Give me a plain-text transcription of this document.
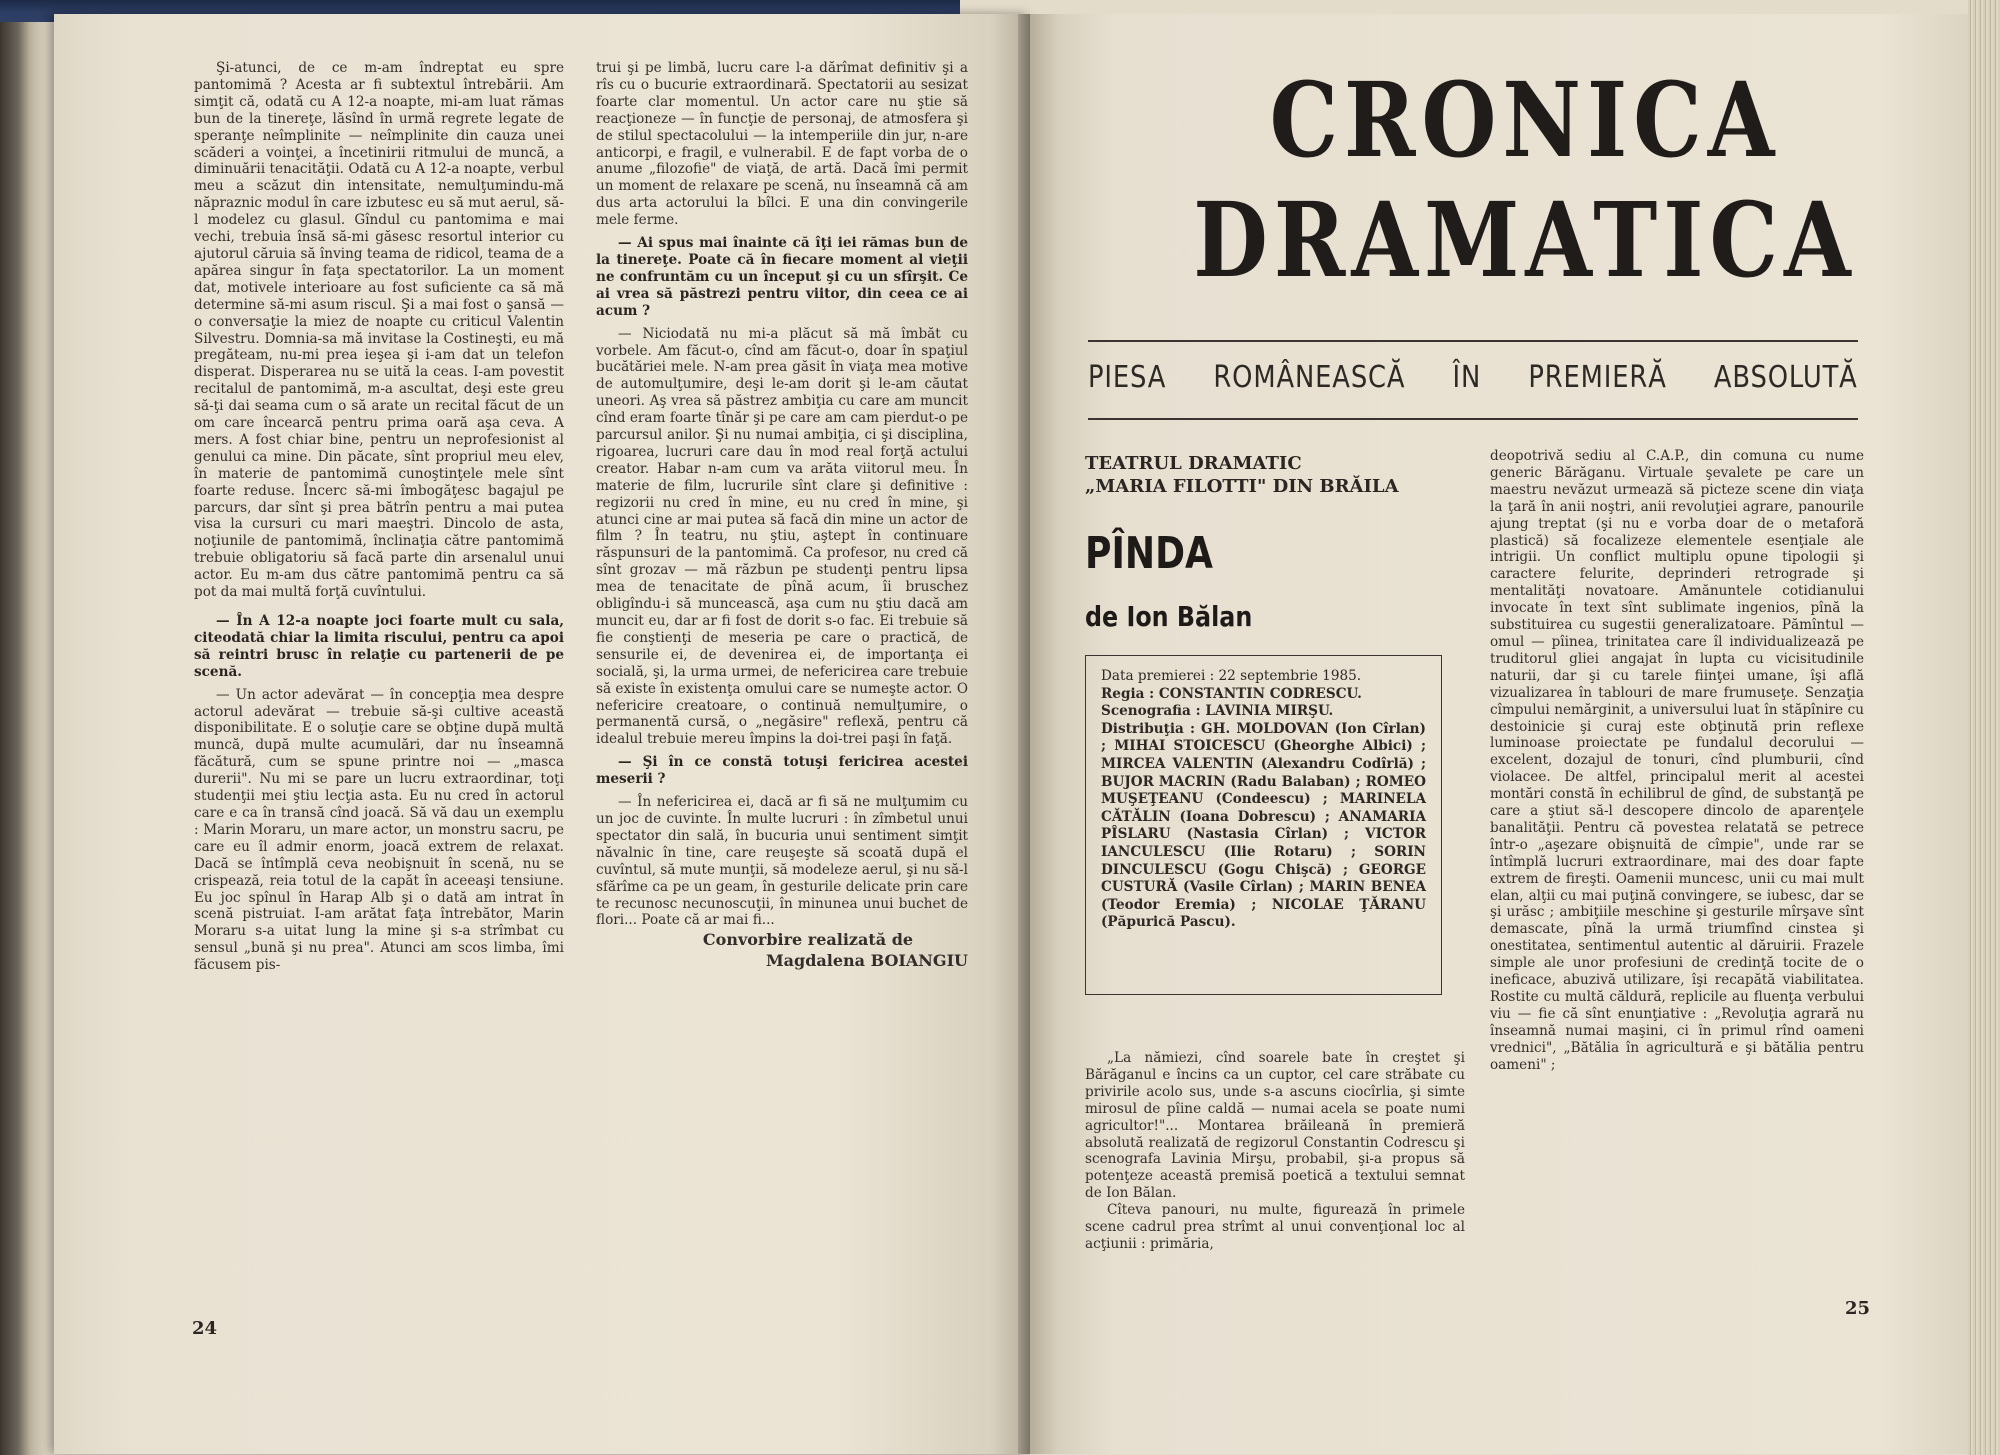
Şi-atunci, de ce m-am îndreptat eu spre pantomimă ? Acesta ar fi subtextul întrebării. Am simţit că, odată cu A 12-a noapte, mi-am luat rămas bun de la tinereţe, lăsînd în urmă regrete legate de speranţe neîmplinite — neîmplinite din cauza unei scăderi a voinţei, a încetinirii ritmului de muncă, a diminuării tenacităţii. Odată cu A 12-a noapte, verbul meu a scăzut din intensitate, nemulţumindu-mă năpraznic modul în care izbutesc eu să mut aerul, să-l modelez cu glasul. Gîndul cu pantomima e mai vechi, trebuia însă să-mi găsesc resortul interior cu ajutorul căruia să înving teama de ridicol, teama de a apărea singur în faţa spectatorilor. La un moment dat, motivele interioare au fost suficiente ca să mă determine să-mi asum riscul. Şi a mai fost o şansă — o conversaţie la miez de noapte cu criticul Valentin Silvestru. Domnia-sa mă invitase la Costineşti, eu mă pregăteam, nu-mi prea ieşea şi i-am dat un telefon disperat. Disperarea nu se uită la ceas. I-am povestit recitalul de pantomimă, m-a ascultat, deşi este greu să-ţi dai seama cum o să arate un recital făcut de un om care încearcă pentru prima oară aşa ceva. A mers. A fost chiar bine, pentru un neprofesionist al genului ca mine. Din păcate, sînt propriul meu elev, în materie de pantomimă cunoştinţele mele sînt foarte reduse. Încerc să-mi îmbogăţesc bagajul pe parcurs, dar sînt şi prea bătrîn pentru a mai putea visa la cursuri cu mari maeştri. Dincolo de asta, noţiunile de pantomimă, înclinaţia către pantomimă trebuie obligatoriu să facă parte din arsenalul unui actor. Eu m-am dus către pantomimă pentru ca să pot da mai multă forţă cuvîntului.

— În A 12-a noapte joci foarte mult cu sala, citeodată chiar la limita riscului, pentru ca apoi să reintri brusc în relaţie cu partenerii de pe scenă.

— Un actor adevărat — în concepţia mea despre actorul adevărat — trebuie să-şi cultive această disponibilitate. E o soluţie care se obţine după multă muncă, după multe acumulări, dar nu înseamnă făcătură, cum se spune printre noi — „masca durerii". Nu mi se pare un lucru extraordinar, toţi studenţii mei ştiu lecţia asta. Eu nu cred în actorul care e ca în transă cînd joacă. Să vă dau un exemplu : Marin Moraru, un mare actor, un monstru sacru, pe care eu îl admir enorm, joacă extrem de relaxat. Dacă se întîmplă ceva neobişnuit în scenă, nu se crispează, reia totul de la capăt în aceeaşi tensiune. Eu joc spînul în Harap Alb şi o dată am intrat în scenă pistruiat. I-am arătat faţa întrebător, Marin Moraru s-a uitat lung la mine şi s-a strîmbat cu sensul „bună şi nu prea". Atunci am scos limba, îmi făcusem pis-

trui şi pe limbă, lucru care l-a dărîmat definitiv şi a rîs cu o bucurie extraordinară. Spectatorii au sesizat foarte clar momentul. Un actor care nu ştie să reacţioneze — în funcţie de personaj, de atmosfera şi de stilul spectacolului — la intemperiile din jur, n-are anticorpi, e fragil, e vulnerabil. E de fapt vorba de o anume „filozofie" de viaţă, de artă. Dacă îmi permit un moment de relaxare pe scenă, nu înseamnă că am dus arta actorului la bîlci. E una din convingerile mele ferme.

— Ai spus mai înainte că îţi iei rămas bun de la tinereţe. Poate că în fiecare moment al vieţii ne confruntăm cu un început şi cu un sfîrşit. Ce ai vrea să păstrezi pentru viitor, din ceea ce ai acum ?

— Niciodată nu mi-a plăcut să mă îmbăt cu vorbele. Am făcut-o, cînd am făcut-o, doar în spaţiul bucătăriei mele. N-am prea găsit în viaţa mea motive de automulţumire, deşi le-am dorit şi le-am căutat uneori. Aş vrea să păstrez ambiţia cu care am muncit cînd eram foarte tînăr şi pe care am cam pierdut-o pe parcursul anilor. Şi nu numai ambiţia, ci şi disciplina, rigoarea, lucruri care dau în mod real forţă actului creator. Habar n-am cum va arăta viitorul meu. În materie de film, lucrurile sînt clare şi definitive : regizorii nu cred în mine, eu nu cred în mine, şi atunci cine ar mai putea să facă din mine un actor de film ? În teatru, nu ştiu, aştept în continuare răspunsuri de la pantomimă. Ca profesor, nu cred că sînt grozav — mă răzbun pe studenţi pentru lipsa mea de tenacitate de pînă acum, îi bruschez obligîndu-i să muncească, aşa cum nu ştiu dacă am muncit eu, dar ar fi fost de dorit s-o fac. Ei trebuie să fie conştienţi de meseria pe care o practică, de sensurile ei, de devenirea ei, de importanţa ei socială, şi, la urma urmei, de nefericirea care trebuie să existe în existenţa omului care se numeşte actor. O nefericire creatoare, o continuă nemulţumire, o permanentă cursă, o „negăsire" reflexă, pentru că idealul trebuie mereu împins la doi-trei paşi în faţă.

— Şi în ce constă totuşi fericirea acestei meserii ?

— În nefericirea ei, dacă ar fi să ne mulţumim cu un joc de cuvinte. În multe lucruri : în zîmbetul unui spectator din sală, în bucuria unui sentiment simţit năvalnic în tine, care reuşeşte să scoată după el cuvîntul, să mute munţii, să modeleze aerul, şi nu să-l sfărîme ca pe un geam, în gesturile delicate prin care te recunosc necunoscuţii, în minunea unui buchet de flori... Poate că ar mai fi...

Convorbire realizată de
Magdalena BOIANGIU

24
CRONICA
DRAMATICA
PIESA ROMÂNEASCĂ ÎN PREMIERĂ ABSOLUTĂ
TEATRUL DRAMATIC
„MARIA FILOTTI" DIN BRĂILA
PÎNDA
de Ion Bălan

Data premierei : 22 septembrie 1985.

Regia : CONSTANTIN CODRESCU.

Scenografia : LAVINIA MIRŞU.

Distribuţia : GH. MOLDOVAN (Ion Cîrlan) ; MIHAI STOICESCU (Gheorghe Albici) ; MIRCEA VALENTIN (Alexandru Codîrlă) ; BUJOR MACRIN (Radu Balaban) ; ROMEO MUŞEŢEANU (Condeescu) ; MARINELA CĂTĂLIN (Ioana Dobrescu) ; ANAMARIA PÎSLARU (Nastasia Cîrlan) ; VICTOR IANCULESCU (Ilie Rotaru) ; SORIN DINCULESCU (Gogu Chişcă) ; GEORGE CUSTURĂ (Vasile Cîrlan) ; MARIN BENEA (Teodor Eremia) ; NICOLAE ŢĂRANU (Păpurică Pascu).

„La nămiezi, cînd soarele bate în creştet şi Bărăganul e încins ca un cuptor, cel care străbate cu privirile acolo sus, unde s-a ascuns ciocîrlia, şi simte mirosul de pîine caldă — numai acela se poate numi agricultor!"... Montarea brăileană în premieră absolută realizată de regizorul Constantin Codrescu şi scenografa Lavinia Mirşu, probabil, şi-a propus să potenţeze această premisă poetică a textului semnat de Ion Bălan.

Cîteva panouri, nu multe, figurează în primele scene cadrul prea strîmt al unui convenţional loc al acţiunii : primăria,

deopotrivă sediu al C.A.P., din comuna cu nume generic Bărăganu. Virtuale şevalete pe care un maestru nevăzut urmează să picteze scene din viaţa la ţară în anii noştri, anii revoluţiei agrare, panourile ajung treptat (şi nu e vorba doar de o metaforă plastică) să focalizeze elementele esenţiale ale intrigii. Un conflict multiplu opune tipologii şi caractere felurite, deprinderi retrograde şi mentalităţi novatoare. Amănuntele cotidianului invocate în text sînt sublimate ingenios, pînă la substituirea cu sugestii generalizatoare. Pămîntul — omul — pîinea, trinitatea care îl individualizează pe truditorul gliei angajat în lupta cu vicisitudinile naturii, dar şi cu tarele fiinţei umane, îşi află vizualizarea în tablouri de mare frumuseţe. Senzaţia cîmpului nemărginit, a universului luat în stăpînire cu destoinicie şi curaj este obţinută prin reflexe luminoase proiectate pe fundalul decorului — excelent, dozajul de tonuri, cînd plumburii, cînd violacee. De altfel, principalul merit al acestei montări constă în echilibrul de gînd, de substanţă pe care a ştiut să-l descopere dincolo de aparenţele banalităţii. Pentru că povestea relatată se petrece într-o „aşezare obişnuită de cîmpie", unde rar se întîmplă lucruri extraordinare, mai des doar fapte extrem de fireşti. Oamenii muncesc, unii cu mai mult elan, alţii cu mai puţină convingere, se iubesc, dar se şi urăsc ; ambiţiile meschine şi gesturile mîrşave sînt demascate, pînă la urmă triumfînd cinstea şi onestitatea, sentimentul autentic al dăruirii. Frazele simple ale unor profesiuni de credinţă tocite de o ineficace, abuzivă utilizare, îşi recapătă viabilitatea. Rostite cu multă căldură, replicile au fluenţa verbului viu — fie că sînt enunţiative : „Revoluţia agrară nu înseamnă numai maşini, ci în primul rînd oameni vrednici", „Bătălia în agricultură e şi bătălia pentru oameni" ;

25
